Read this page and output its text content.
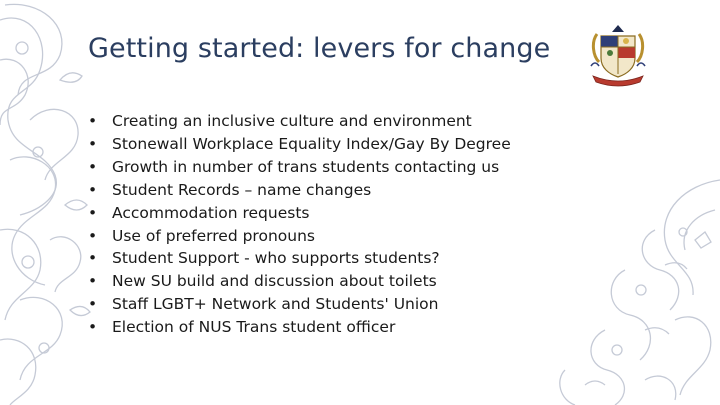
Getting started: levers for change
• Creating an inclusive culture and environment
• Stonewall Workplace Equality Index/Gay By Degree
• Growth in number of trans students contacting us
• Student Records – name changes
• Accommodation requests
• Use of preferred pronouns
• Student Support - who supports students?
• New SU build and discussion about toilets
• Staff LGBT+ Network and Students' Union
• Election of NUS Trans student officer
